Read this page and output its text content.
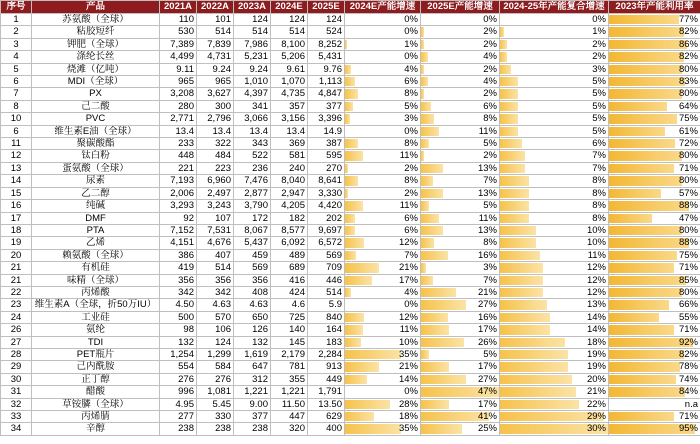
序号	产品	2021A	2022A	2023A	2024E	2025E	2024E产能增速	2025E产能增速	2024-25年产能复合增速	2023年产能利用率
1	苏氨酸（全球）	110	101	124	124	124	0%	0%	0%	77%
2	粘胶短纤	530	514	514	514	524	0%	2%	1%	82%
3	钾肥（全球）	7,389	7,839	7,986	8,100	8,252	1%	2%	2%	86%
4	涤纶长丝	4,499	4,731	5,231	5,206	5,431	0%	4%	2%	82%
5	烧滩（亿吨）	9.11	9.24	9.24	9.61	9.76	4%	2%	3%	80%
6	MDI（全球）	965	965	1,010	1,070	1,113	6%	4%	5%	83%
7	PX	3,208	3,627	4,397	4,735	4,847	8%	2%	5%	80%
8	己二酸	280	300	341	357	377	5%	6%	5%	64%
10	PVC	2,771	2,796	3,066	3,156	3,396	3%	8%	5%	75%
6	维生素E油（全球）	13.4	13.4	13.4	13.4	14.9	0%	11%	5%	61%
11	聚碳酸酯	233	322	343	369	387	8%	5%	6%	72%
12	钛白粉	448	484	522	581	595	11%	2%	7%	80%
13	蛋氨酸（全球）	221	223	236	240	270	2%	13%	7%	71%
14	尿素	7,193	6,960	7,476	8,040	8,641	8%	7%	8%	80%
15	乙二醇	2,006	2,497	2,877	2,947	3,330	2%	13%	8%	57%
16	纯碱	3,293	3,243	3,790	4,205	4,420	11%	5%	8%	88%
17	DMF	92	107	172	182	202	6%	11%	8%	47%
18	PTA	7,152	7,531	8,067	8,577	9,697	6%	13%	10%	80%
19	乙烯	4,151	4,676	5,437	6,092	6,572	12%	8%	10%	88%
20	赖氨酸（全球）	386	407	459	489	569	7%	16%	11%	75%
21	有机硅	419	514	569	689	709	21%	3%	12%	71%
21	味精（全球）	356	356	356	416	446	17%	7%	12%	85%
22	丙烯酸	342	342	408	424	514	4%	21%	12%	80%
23	维生素A（全球，折50万IU）	4.50	4.63	4.63	4.6	5.9	0%	27%	13%	66%
24	工业硅	500	570	650	725	840	12%	16%	14%	55%
26	氨纶	98	106	126	140	164	11%	17%	14%	71%
27	TDI	132	124	132	145	183	10%	26%	18%	92%
28	PET瓶片	1,254	1,299	1,619	2,179	2,284	35%	5%	19%	82%
29	己内酰胺	554	584	647	781	913	21%	17%	19%	78%
30	正丁醇	276	276	312	355	449	14%	27%	20%	74%
31	醋酸	996	1,081	1,221	1,221	1,791	0%	47%	21%	84%
32	草铵膦（全球）	4.95	5.45	9.00	11.50	13.50	28%	17%	22%	n.a
33	丙烯腈	277	330	377	447	629	18%	41%	29%	71%
34	辛醇	238	238	238	320	400	35%	25%	30%	95%
